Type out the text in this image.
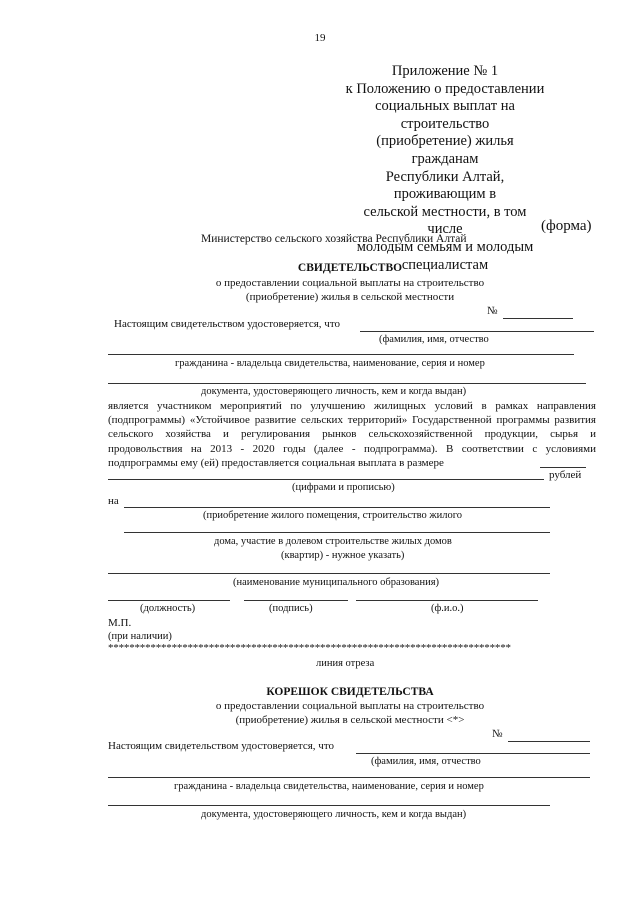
19
Приложение № 1
к Положению о предоставлении
социальных выплат на строительство
(приобретение) жилья гражданам
Республики Алтай, проживающим в
сельской местности, в том числе
молодым семьям и молодым
специалистам
(форма)
Министерство сельского хозяйства Республики Алтай
СВИДЕТЕЛЬСТВО
о предоставлении социальной выплаты на строительство
(приобретение) жилья в сельской местности
№
Настоящим свидетельством удостоверяется, что
(фамилия, имя, отчество
гражданина - владельца свидетельства, наименование, серия и номер
документа, удостоверяющего личность, кем и когда выдан)
является участником мероприятий по улучшению жилищных условий в рамках направления (подпрограммы) «Устойчивое развитие сельских территорий» Государственной программы развития сельского хозяйства и регулирования рынков сельскохозяйственной продукции, сырья и продовольствия на 2013 - 2020 годы (далее - подпрограмма). В соответствии с условиями подпрограммы ему (ей) предоставляется социальная выплата в размере
рублей
(цифрами и прописью)
на
(приобретение жилого помещения, строительство жилого
дома, участие в долевом строительстве жилых домов
(квартир) - нужное указать)
(наименование муниципального образования)
(должность)	(подпись)	(ф.и.о.)
М.П.
(при наличии)
****************************************************************************
линия отреза
КОРЕШОК СВИДЕТЕЛЬСТВА
о предоставлении социальной выплаты на строительство
(приобретение) жилья в сельской местности <*>
№
Настоящим свидетельством удостоверяется, что
(фамилия, имя, отчество
гражданина - владельца свидетельства, наименование, серия и номер
документа, удостоверяющего личность, кем и когда выдан)
